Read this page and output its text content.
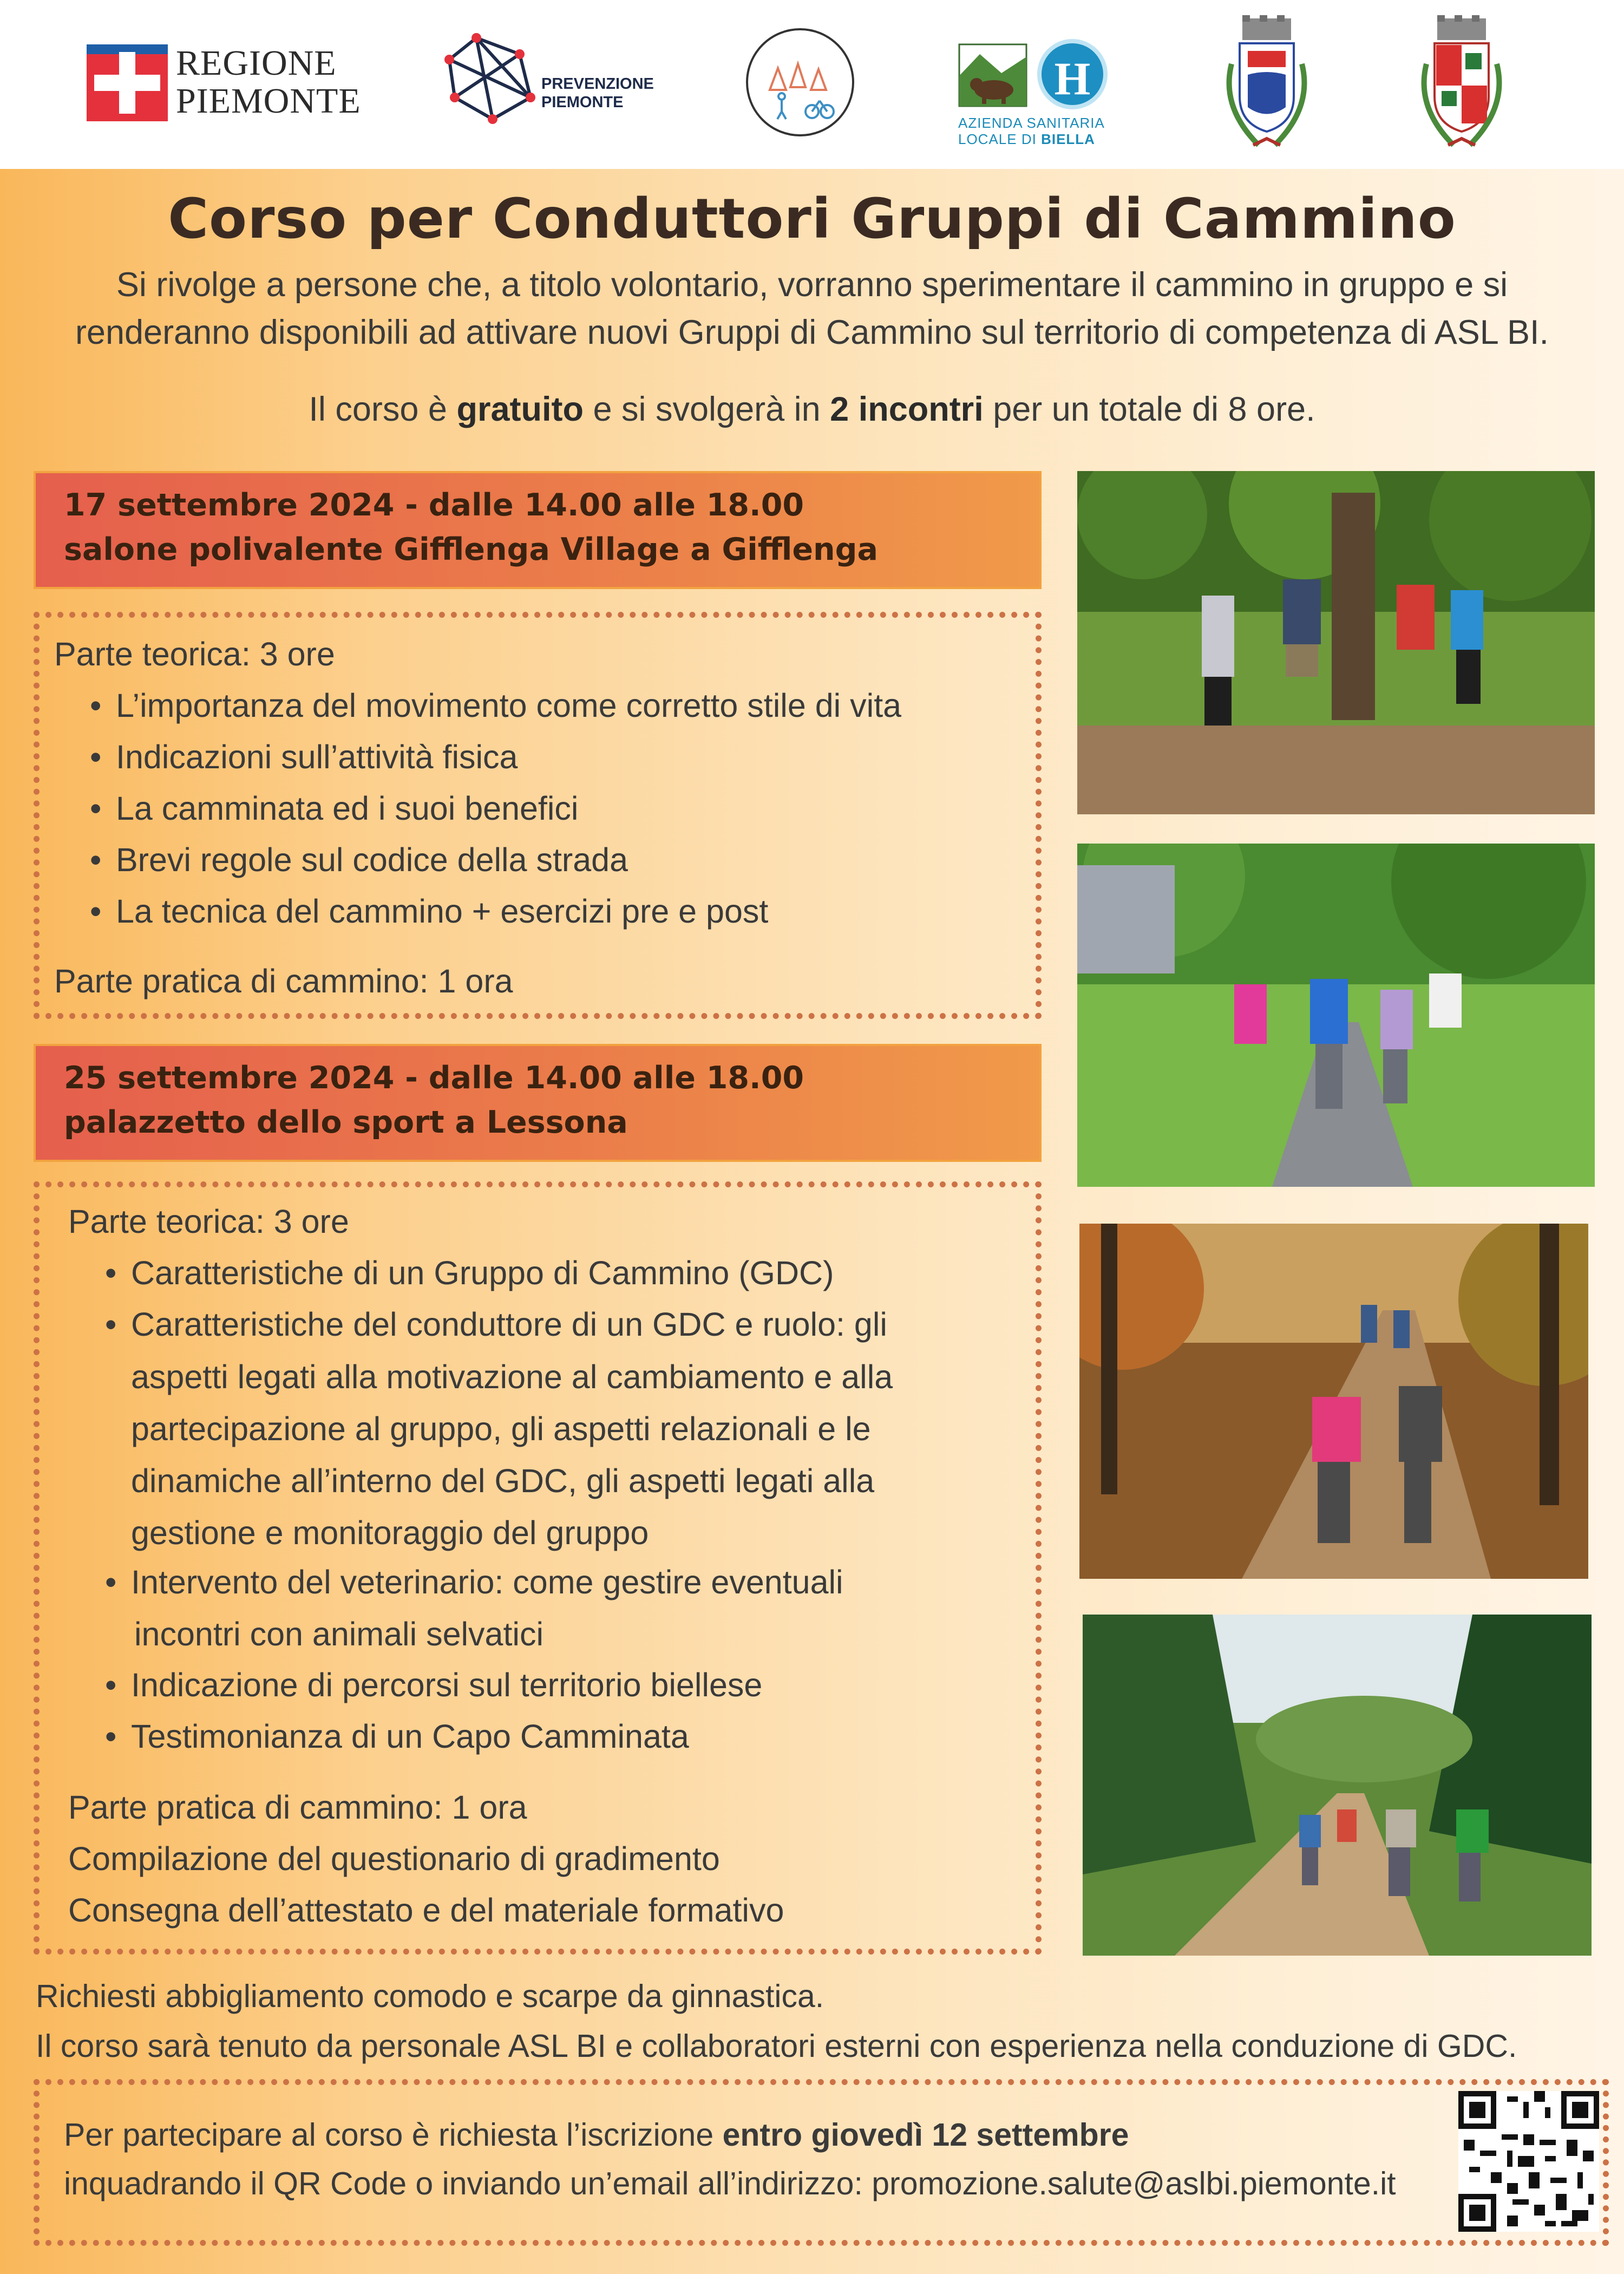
REGIONE
PIEMONTE	PREVENZIONE
PIEMONTE	H
AZIENDA SANITARIA
LOCALE DI BIELLA
Corso per Conduttori Gruppi di Cammino
Si rivolge a persone che, a titolo volontario, vorranno sperimentare il cammino in gruppo e si
renderanno disponibili ad attivare nuovi Gruppi di Cammino sul territorio di competenza di ASL BI.
Il corso è gratuito e si svolgerà in 2 incontri per un totale di 8 ore.
17 settembre 2024 - dalle 14.00 alle 18.00
salone polivalente Gifflenga Village a Gifflenga
Parte teorica: 3 ore
• L’importanza del movimento come corretto stile di vita
• Indicazioni sull’attività fisica
• La camminata ed i suoi benefici
• Brevi regole sul codice della strada
• La tecnica del cammino + esercizi pre e post
Parte pratica di cammino: 1 ora
25 settembre 2024 - dalle 14.00 alle 18.00
palazzetto dello sport a Lessona
Parte teorica: 3 ore
• Caratteristiche di un Gruppo di Cammino (GDC)
• Caratteristiche del conduttore di un GDC e ruolo: gli
aspetti legati alla motivazione al cambiamento e alla
partecipazione al gruppo, gli aspetti relazionali e le
dinamiche all’interno del GDC, gli aspetti legati alla
gestione e monitoraggio del gruppo
• Intervento del veterinario: come gestire eventuali
incontri con animali selvatici
• Indicazione di percorsi sul territorio biellese
• Testimonianza di un Capo Camminata
Parte pratica di cammino: 1 ora
Compilazione del questionario di gradimento
Consegna dell’attestato e del materiale formativo
Richiesti abbigliamento comodo e scarpe da ginnastica.
Il corso sarà tenuto da personale ASL BI e collaboratori esterni con esperienza nella conduzione di GDC.
Per partecipare al corso è richiesta l’iscrizione entro giovedì 12 settembre
inquadrando il QR Code o inviando un’email all’indirizzo: promozione.salute@aslbi.piemonte.it
